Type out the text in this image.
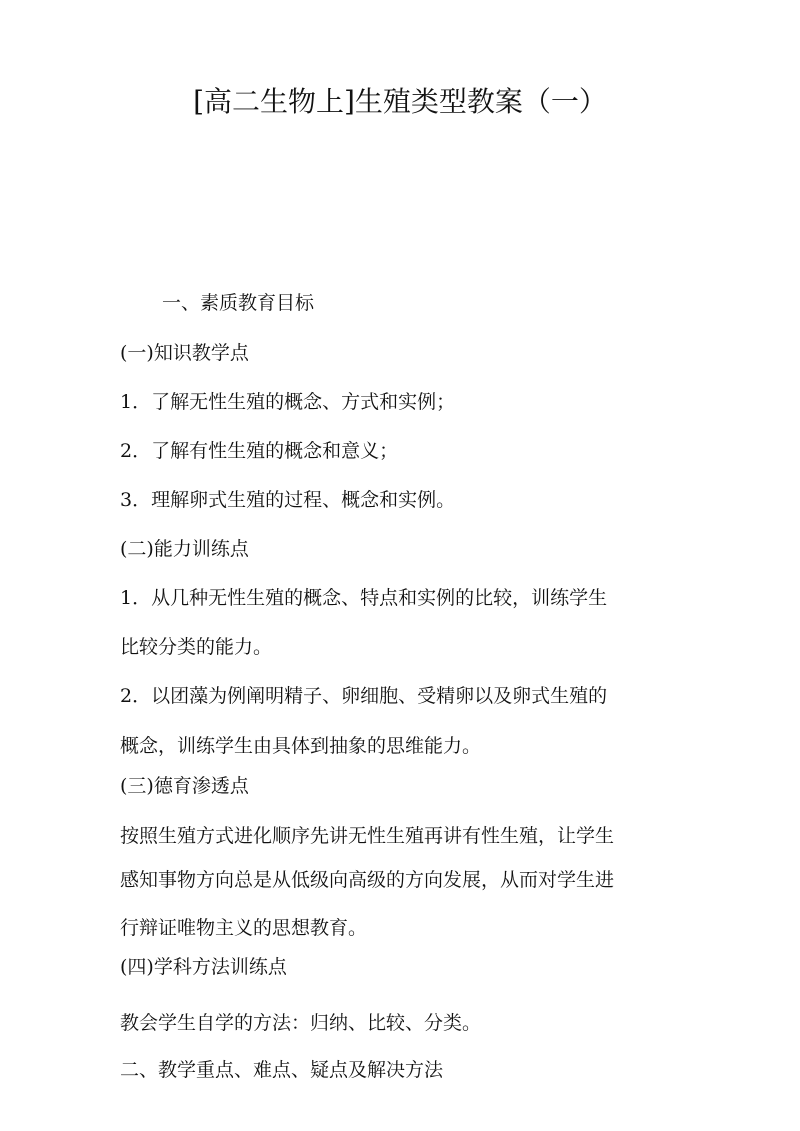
[高二生物上]生殖类型教案（一）
一、素质教育目标
(一)知识教学点
1．了解无性生殖的概念、方式和实例；
2．了解有性生殖的概念和意义；
3．理解卵式生殖的过程、概念和实例。
(二)能力训练点
1．从几种无性生殖的概念、特点和实例的比较，训练学生
比较分类的能力。
2．以团藻为例阐明精子、卵细胞、受精卵以及卵式生殖的
概念，训练学生由具体到抽象的思维能力。
(三)德育渗透点
按照生殖方式进化顺序先讲无性生殖再讲有性生殖，让学生
感知事物方向总是从低级向高级的方向发展，从而对学生进
行辩证唯物主义的思想教育。
(四)学科方法训练点
教会学生自学的方法：归纳、比较、分类。
二、教学重点、难点、疑点及解决方法
